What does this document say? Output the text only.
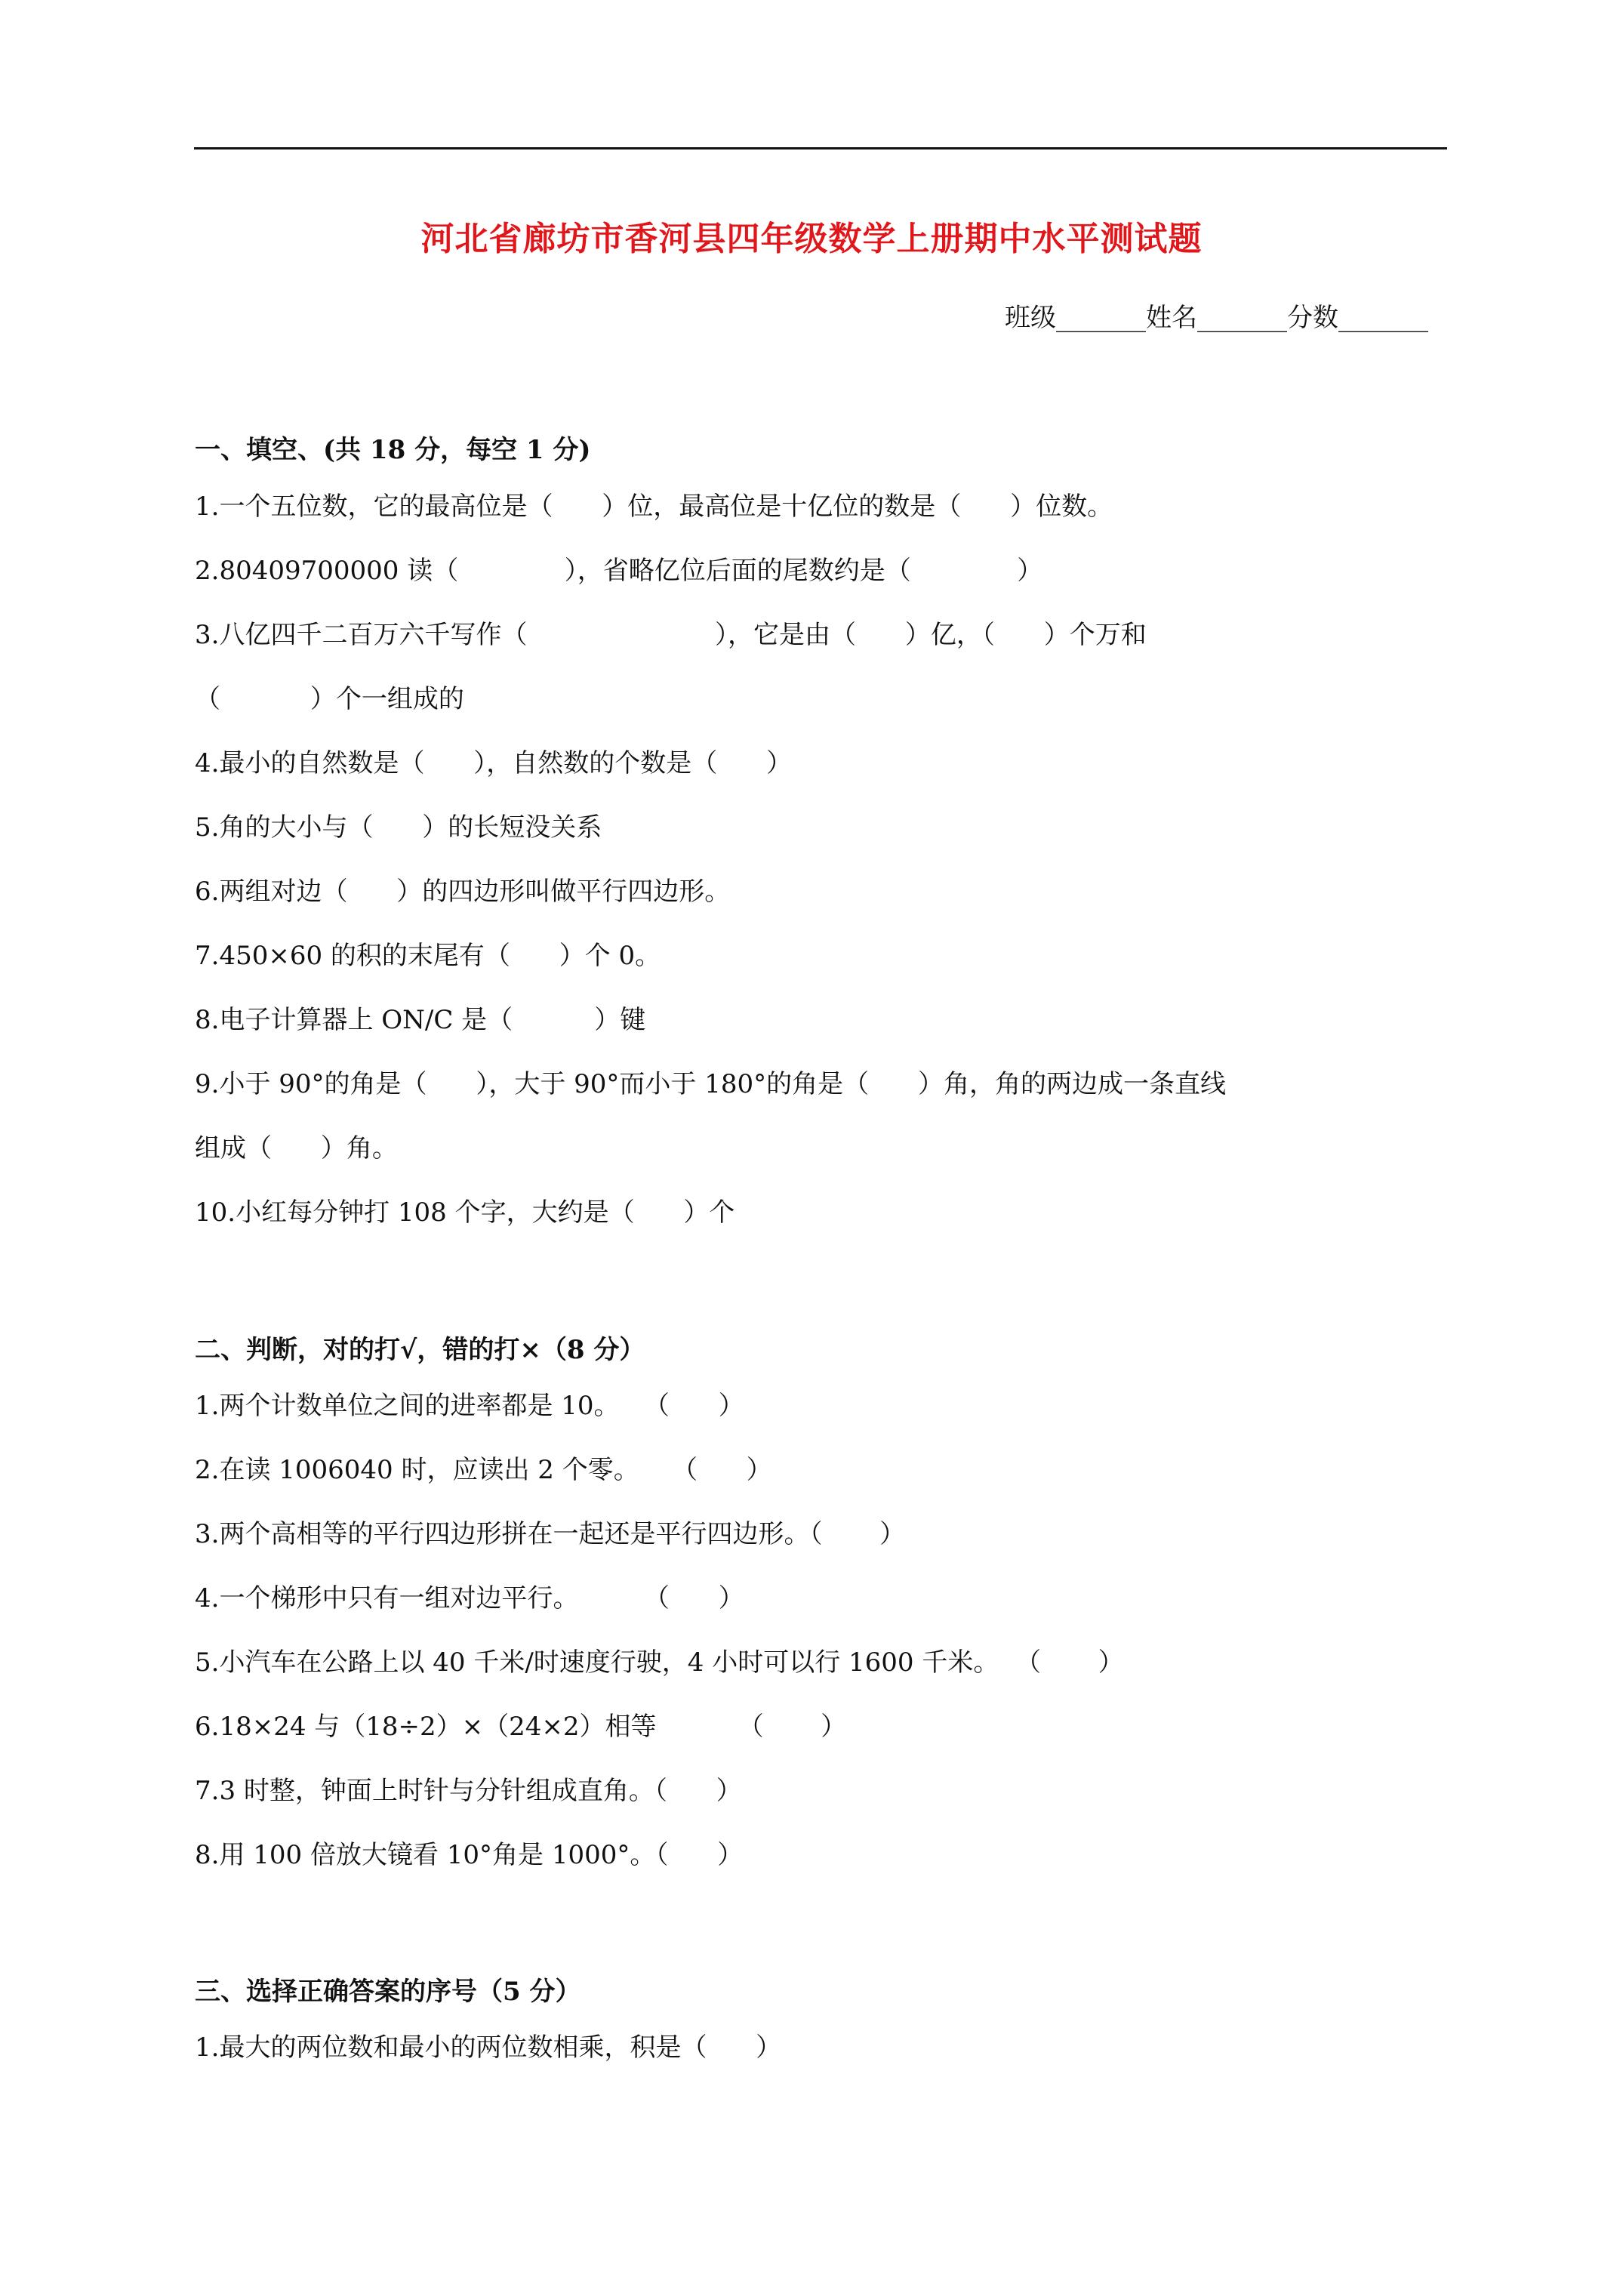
河北省廊坊市香河县四年级数学上册期中水平测试题
班级_______姓名_______分数_______
一、填空、(共 18 分，每空 1 分)
1.一个五位数，它的最高位是（      ）位，最高位是十亿位的数是（      ）位数。
2.80409700000 读（             ），省略亿位后面的尾数约是（             ）
3.八亿四千二百万六千写作（                       ），它是由（      ）亿，（      ）个万和
（           ）个一组成的
4.最小的自然数是（      ），自然数的个数是（      ）
5.角的大小与（      ）的长短没关系
6.两组对边（      ）的四边形叫做平行四边形。
7.450×60 的积的末尾有（      ）个 0。
8.电子计算器上 ON/C 是（          ）键
9.小于 90°的角是（      ），大于 90°而小于 180°的角是（      ）角，角的两边成一条直线
组成（      ）角。
10.小红每分钟打 108 个字，大约是（      ）个
二、判断，对的打√，错的打×（8 分）
1.两个计数单位之间的进率都是 10。   （      ）
2.在读 1006040 时，应读出 2 个零。    （      ）
3.两个高相等的平行四边形拼在一起还是平行四边形。（       ）
4.一个梯形中只有一组对边平行。        （      ）
5.小汽车在公路上以 40 千米/时速度行驶，4 小时可以行 1600 千米。  （       ）
6.18×24 与（18÷2）×（24×2）相等          （       ）
7.3 时整，钟面上时针与分针组成直角。（      ）
8.用 100 倍放大镜看 10°角是 1000°。（      ）
三、选择正确答案的序号（5 分）
1.最大的两位数和最小的两位数相乘，积是（      ）
